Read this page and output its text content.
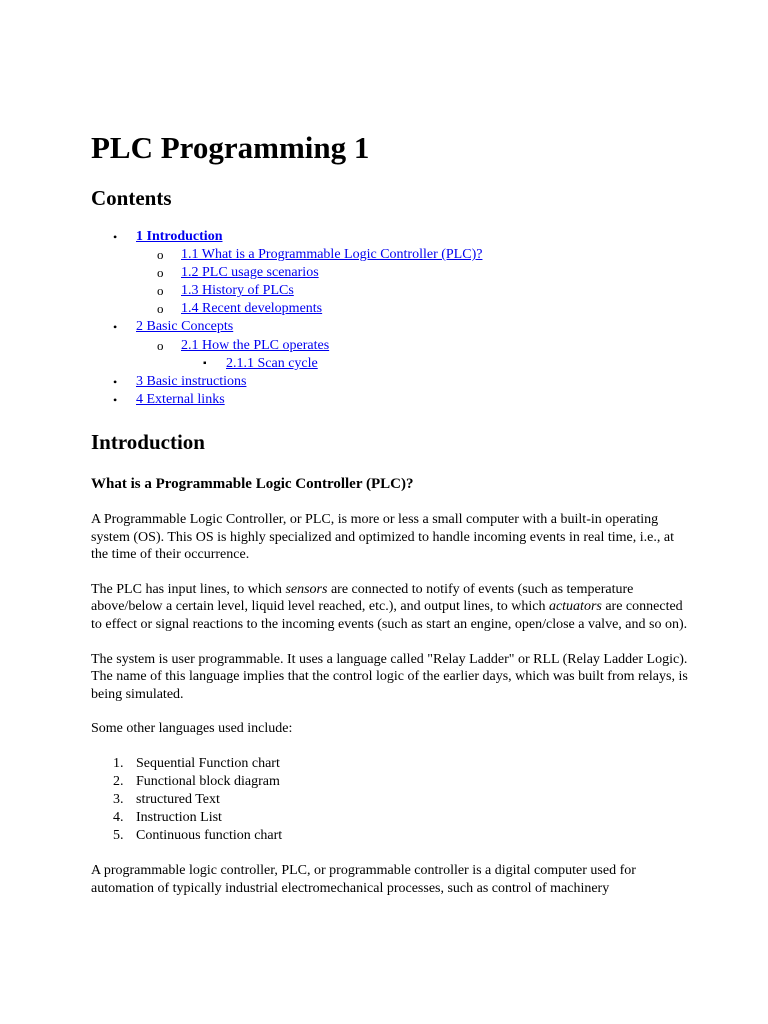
PLC Programming 1
Contents
• 1 Introduction
o 1.1 What is a Programmable Logic Controller (PLC)?
o 1.2 PLC usage scenarios
o 1.3 History of PLCs
o 1.4 Recent developments
• 2 Basic Concepts
o 2.1 How the PLC operates
▪ 2.1.1 Scan cycle
• 3 Basic instructions
• 4 External links
Introduction
What is a Programmable Logic Controller (PLC)?

A Programmable Logic Controller, or PLC, is more or less a small computer with a built-in operating system (OS). This OS is highly specialized and optimized to handle incoming events in real time, i.e., at the time of their occurrence.

The PLC has input lines, to which sensors are connected to notify of events (such as temperature above/below a certain level, liquid level reached, etc.), and output lines, to which actuators are connected to effect or signal reactions to the incoming events (such as start an engine, open/close a valve, and so on).

The system is user programmable. It uses a language called "Relay Ladder" or RLL (Relay Ladder Logic). The name of this language implies that the control logic of the earlier days, which was built from relays, is being simulated.

Some other languages used include:

1. Sequential Function chart
2. Functional block diagram
3. structured Text
4. Instruction List
5. Continuous function chart

A programmable logic controller, PLC, or programmable controller is a digital computer used for automation of typically industrial electromechanical processes, such as control of machinery
